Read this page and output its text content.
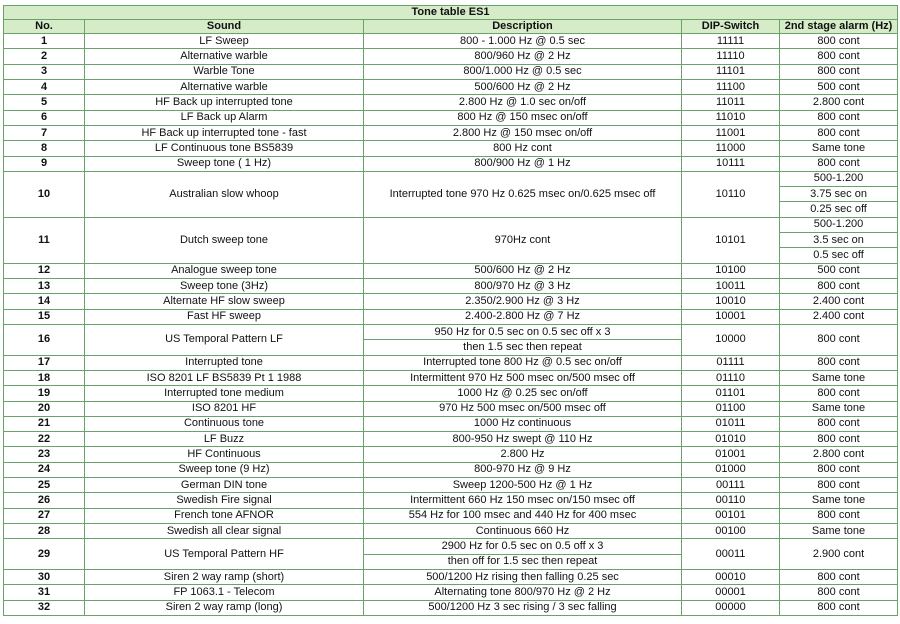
Tone table ES1				
No.	Sound	Description	DIP-Switch	2nd stage alarm (Hz)
1	LF Sweep	800 - 1.000 Hz @ 0.5 sec	11111	800 cont
2	Alternative warble	800/960 Hz @ 2 Hz	11110	800 cont
3	Warble Tone	800/1.000 Hz @ 0.5 sec	11101	800 cont
4	Alternative warble	500/600 Hz @ 2 Hz	11100	500 cont
5	HF Back up interrupted tone	2.800 Hz @ 1.0 sec on/off	11011	2.800 cont
6	LF Back up Alarm	800 Hz @ 150 msec on/off	11010	800 cont
7	HF Back up interrupted tone - fast	2.800 Hz @ 150 msec on/off	11001	800 cont
8	LF Continuous tone BS5839	800 Hz cont	11000	Same tone
9	Sweep tone ( 1 Hz)	800/900 Hz @ 1 Hz	10111	800 cont
10	Australian slow whoop	Interrupted tone 970 Hz 0.625 msec on/0.625 msec off	10110	500-1.200
				3.75 sec on
				0.25 sec off
11	Dutch sweep tone	970Hz cont	10101	500-1.200
				3.5 sec on
				0.5 sec off
12	Analogue sweep tone	500/600 Hz @ 2 Hz	10100	500 cont
13	Sweep tone (3Hz)	800/970 Hz @ 3 Hz	10011	800 cont
14	Alternate HF slow sweep	2.350/2.900 Hz @ 3 Hz	10010	2.400 cont
15	Fast HF sweep	2.400-2.800 Hz @ 7 Hz	10001	2.400 cont
16	US Temporal Pattern LF	950 Hz for 0.5 sec on 0.5 sec off x 3	10000	800 cont
		then 1.5 sec then repeat		
17	Interrupted tone	Interrupted tone 800 Hz @ 0.5 sec on/off	01111	800 cont
18	ISO 8201 LF BS5839 Pt 1 1988	Intermittent 970 Hz 500 msec on/500 msec off	01110	Same tone
19	Interrupted tone medium	1000 Hz @ 0.25 sec on/off	01101	800 cont
20	ISO 8201 HF	970 Hz 500 msec on/500 msec off	01100	Same tone
21	Continuous tone	1000 Hz continuous	01011	800 cont
22	LF Buzz	800-950 Hz swept @ 110 Hz	01010	800 cont
23	HF Continuous	2.800 Hz	01001	2.800 cont
24	Sweep tone (9 Hz)	800-970 Hz @ 9 Hz	01000	800 cont
25	German DIN tone	Sweep 1200-500 Hz @ 1 Hz	00111	800 cont
26	Swedish Fire signal	Intermittent 660 Hz 150 msec on/150 msec off	00110	Same tone
27	French tone AFNOR	554 Hz for 100 msec and 440 Hz for 400 msec	00101	800 cont
28	Swedish all clear signal	Continuous 660 Hz	00100	Same tone
29	US Temporal Pattern HF	2900 Hz for 0.5 sec on 0.5 off x 3	00011	2.900 cont
		then off for 1.5 sec then repeat		
30	Siren 2 way ramp (short)	500/1200 Hz rising then falling 0.25 sec	00010	800 cont
31	FP 1063.1 - Telecom	Alternating tone 800/970 Hz @ 2 Hz	00001	800 cont
32	Siren 2 way ramp (long)	500/1200 Hz 3 sec rising / 3 sec falling	00000	800 cont
